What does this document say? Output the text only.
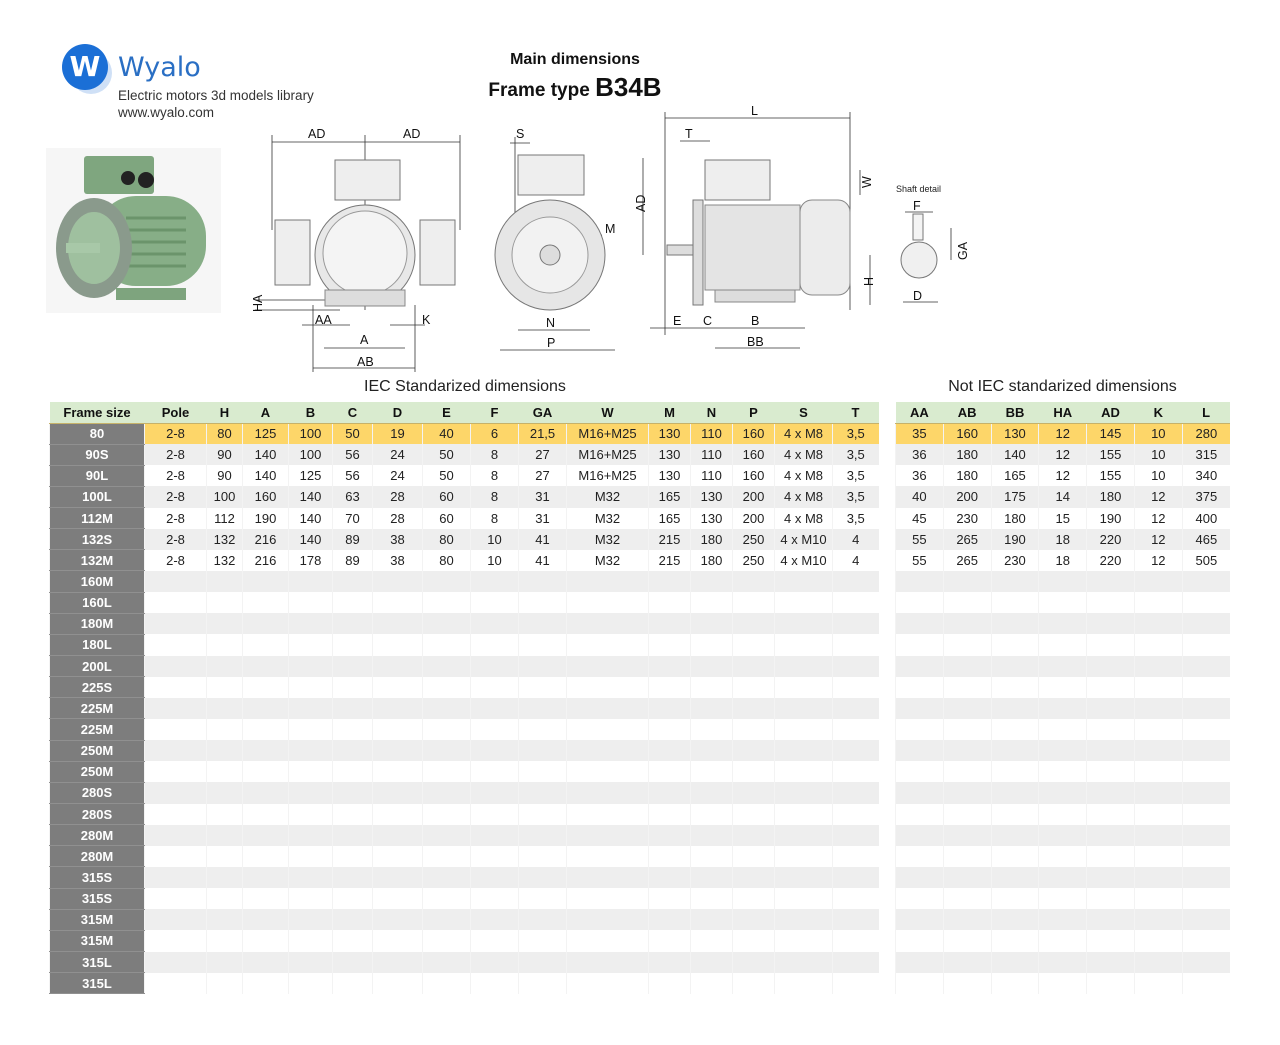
W Wyalo
Electric motors 3d models library
www.wyalo.com
Main dimensions
Frame type B34B
AD	AD
HA
AA	K
A
AB
S
M
N
P
L
T
W
AD
H
E C	B
BB
Shaft detail
F
GA
D
IEC Standarized dimensions	Not IEC standarized dimensions
Frame size	Pole	H	A	B	C	D	E	F	GA	W	M	N	P	S	T
80	2-8	80	125	100	50	19	40	6	21,5	M16+M25	130	110	160	4 x M8	3,5
90S	2-8	90	140	100	56	24	50	8	27	M16+M25	130	110	160	4 x M8	3,5
90L	2-8	90	140	125	56	24	50	8	27	M16+M25	130	110	160	4 x M8	3,5
100L	2-8	100	160	140	63	28	60	8	31	M32	165	130	200	4 x M8	3,5
112M	2-8	112	190	140	70	28	60	8	31	M32	165	130	200	4 x M8	3,5
132S	2-8	132	216	140	89	38	80	10	41	M32	215	180	250	4 x M10	4
132M	2-8	132	216	178	89	38	80	10	41	M32	215	180	250	4 x M10	4
160M															
160L															
180M															
180L															
200L															
225S															
225M															
225M															
250M															
250M															
280S															
280S															
280M															
280M															
315S															
315S															
315M															
315M															
315L															
315L															
AA	AB	BB	HA	AD	K	L
35	160	130	12	145	10	280
36	180	140	12	155	10	315
36	180	165	12	155	10	340
40	200	175	14	180	12	375
45	230	180	15	190	12	400
55	265	190	18	220	12	465
55	265	230	18	220	12	505
